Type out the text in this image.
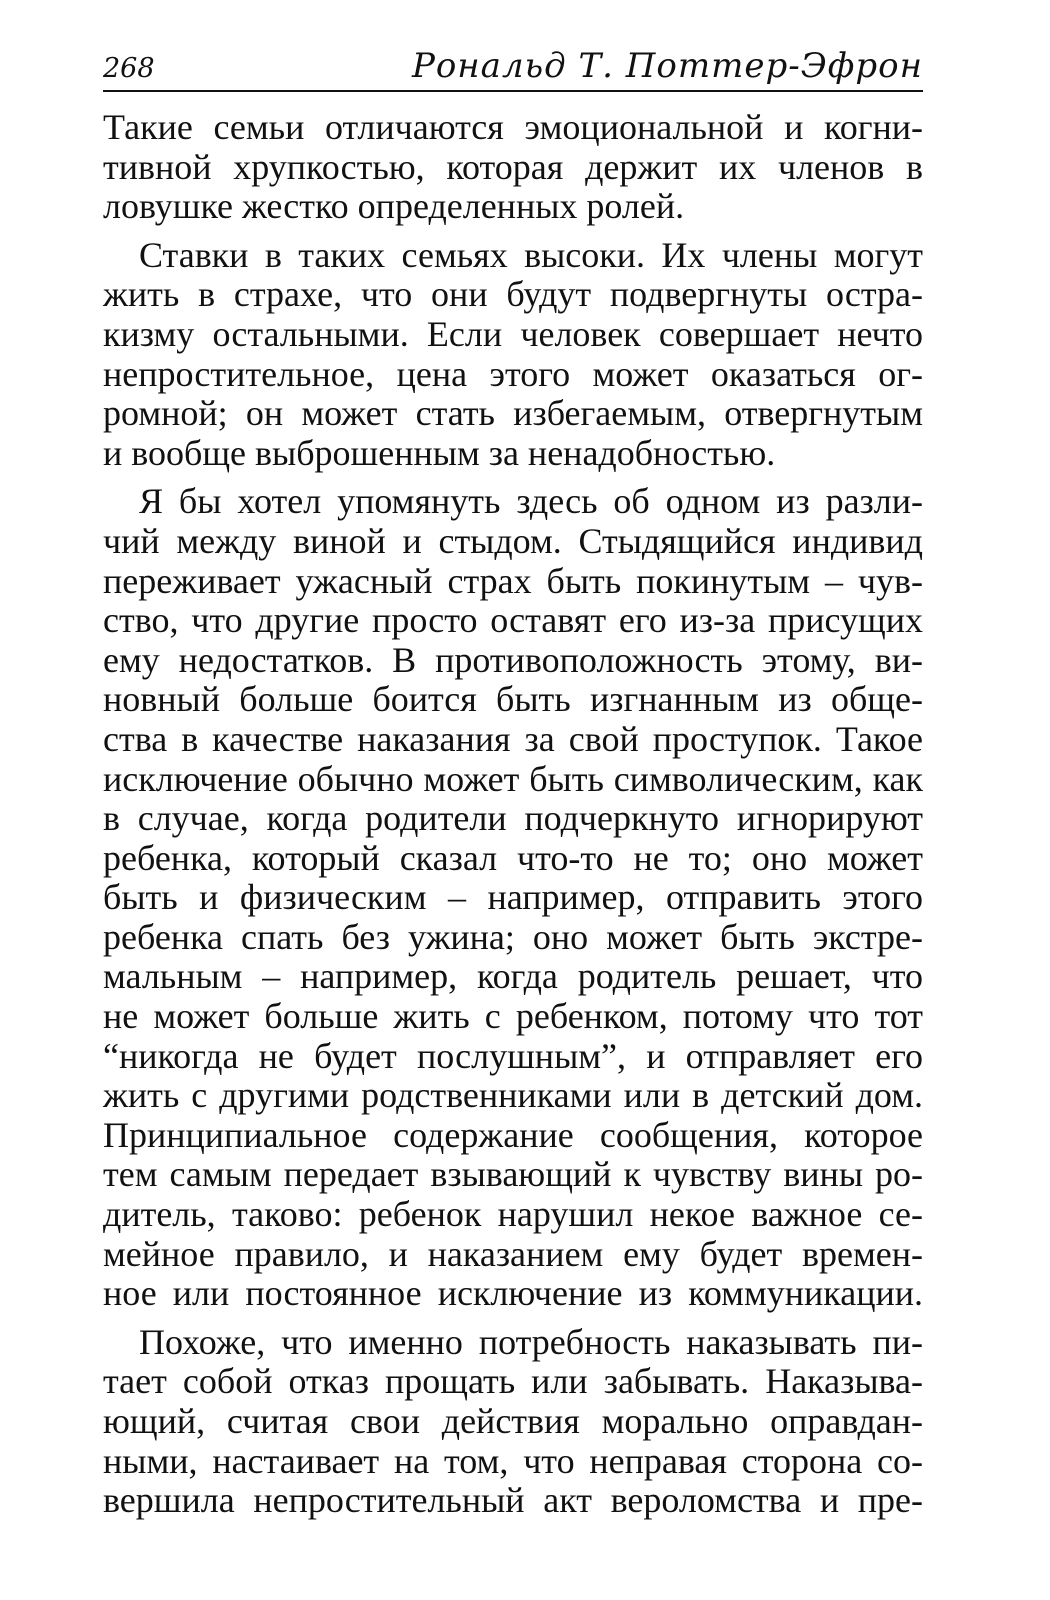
268	Рональд Т. Поттер-Эфрон
Такие семьи отличаются эмоциональной и когни-
тивной хрупкостью, которая держит их членов в
ловушке жестко определенных ролей.
Ставки в таких семьях высоки. Их члены могут
жить в страхе, что они будут подвергнуты остра-
кизму остальными. Если человек совершает нечто
непростительное, цена этого может оказаться ог-
ромной; он может стать избегаемым, отвергнутым
и вообще выброшенным за ненадобностью.
Я бы хотел упомянуть здесь об одном из разли-
чий между виной и стыдом. Стыдящийся индивид
переживает ужасный страх быть покинутым – чув-
ство, что другие просто оставят его из-за присущих
ему недостатков. В противоположность этому, ви-
новный больше боится быть изгнанным из обще-
ства в качестве наказания за свой проступок. Такое
исключение обычно может быть символическим, как
в случае, когда родители подчеркнуто игнорируют
ребенка, который сказал что-то не то; оно может
быть и физическим – например, отправить этого
ребенка спать без ужина; оно может быть экстре-
мальным – например, когда родитель решает, что
не может больше жить с ребенком, потому что тот
“никогда не будет послушным”, и отправляет его
жить с другими родственниками или в детский дом.
Принципиальное содержание сообщения, которое
тем самым передает взывающий к чувству вины ро-
дитель, таково: ребенок нарушил некое важное се-
мейное правило, и наказанием ему будет времен-
ное или постоянное исключение из коммуникации.
Похоже, что именно потребность наказывать пи-
тает собой отказ прощать или забывать. Наказыва-
ющий, считая свои действия морально оправдан-
ными, настаивает на том, что неправая сторона со-
вершила непростительный акт вероломства и пре-
